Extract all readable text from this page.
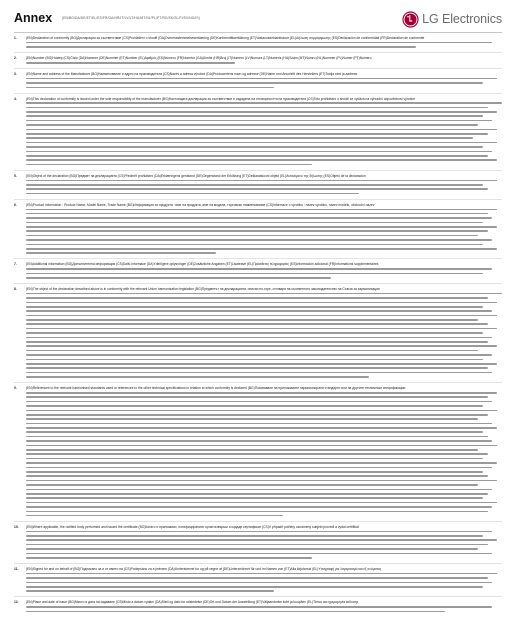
Annex	(EN/BG/DA/DE/ET/EL/ES/FR/GA/HR/IT/LV/LT/HU/MT/NL/PL/PT/RO/SK/SL/FI/SV/NO/IS)	LG Electronics
1.	(EN)Declaration of conformity (BG)Декларация за съответствие (CS)Prohlášení o shodě (DA)Overensstemmelseserklæring (DE)Konformitätserklärung (ET)Vastavusdeklaratsioon (EL)Δήλωση συμμόρφωσης (ES)Declaración de conformidad (FR)Déclaration de conformité
2.	(EN)Number (BG)Номер (CS)Číslo (DA)Nummer (DE)Nummer (ET)Number (EL)Αριθμός (ES)Número (FR)Numéro (GA)Uimhir (HR)Broj (IT)Numero (LV)Numurs (LT)Numeris (HU)Szám (MT)Numru (NL)Nummer (PL)Numer (PT)Número
3.	(EN)Name and address of the Manufacturer (BG)Наименование и адрес на производителя (CS)Název a adresa výrobce (DA)Producentens navn og adresse (DE)Name und Anschrift des Herstellers (ET)Tootja nimi ja aadress
4.	(EN)This declaration of conformity is issued under the sole responsibility of the manufacturer (BG)Настоящата декларация за съответствие е издадена на отговорността на производителя (CS)Toto prohlášení o shodě se vydává na výhradní odpovědnost výrobce
5.	(EN)Object of the declaration (BG)Предмет на декларацията (CS)Předmět prohlášení (DA)Erklæringens genstand (DE)Gegenstand der Erklärung (ET)Deklaratsiooni objekt (EL)Αντικείμενο της δήλωσης (ES)Objeto de la declaración
6.	(EN)Product information : Product Name, Model Name, Trade Name (BG)Информация за продукта : име на продукта, име на модела, търговско наименование (CS)Informace o výrobku : název výrobku, název modelu, obchodní název
7.	(EN)Additional information (BG)Допълнителна информация (CS)Další informace (DA)Yderligere oplysninger (DE)Zusätzliche Angaben (ET)Lisateave (EL)Πρόσθετες πληροφορίες (ES)Información adicional (FR)Informations supplémentaires
8.	(EN)The object of the declaration described above is in conformity with the relevant Union harmonisation legislation (BG)Предметът на декларацията, описан по-горе, отговаря на съответното законодателство на Съюза за хармонизация
9.	(EN)References to the relevant harmonised standards used or references to the other technical specifications in relation to which conformity is declared (BG)Позоваване на приложимите хармонизирани стандарти или на другите технически спецификации
10. (EN)Where applicable, the notified body performed and issued the certificate (BG)Когато е приложимо, нотифицираният орган извърши и издаде сертификат (CS)V případě potřeby oznámený subjekt provedl a vydal certifikát
11. (EN)Signed for and on behalf of (BG)Подписано за и от името на (CS)Podepsáno za a jménem (DA)Underskrevet for og på vegne af (DE)Unterzeichnet für und im Namen von (ET)Alla kirjutanud (EL)Υπογραφή για λογαριασμό και εξ ονόματος
12. (EN)Place and date of issue (BG)Място и дата на издаване (CS)Místo a datum vydání (DA)Sted og dato for udstedelse (DE)Ort und Datum der Ausstellung (ET)Väljaandmise koht ja kuupäev (EL)Τόπος και ημερομηνία έκδοσης
